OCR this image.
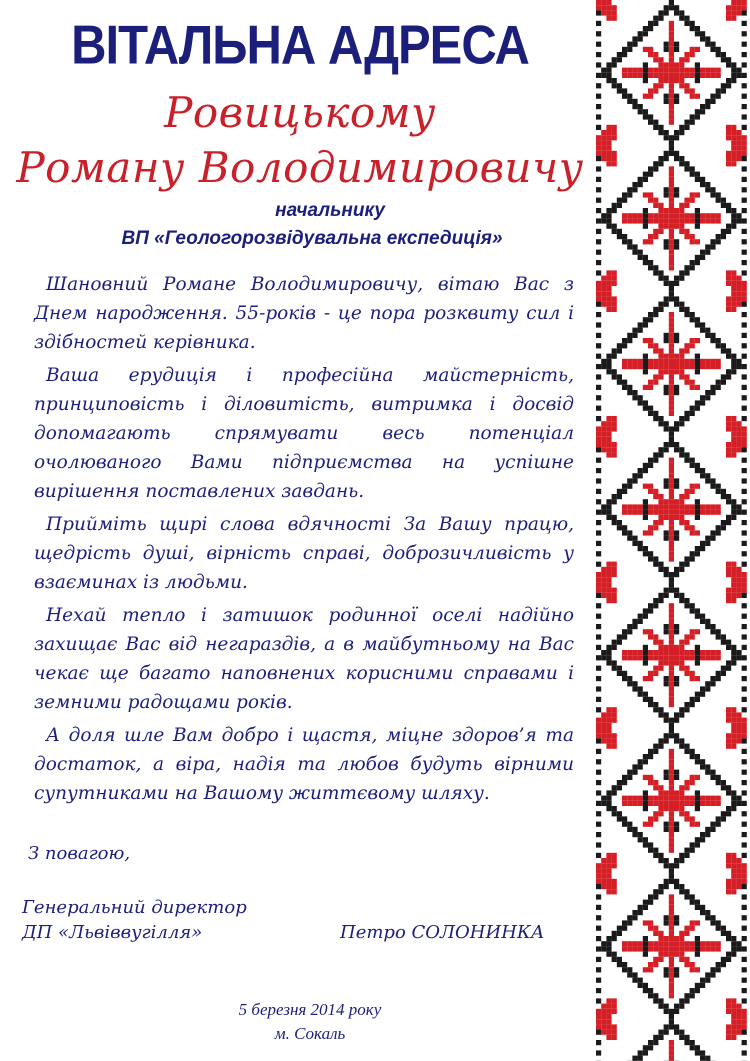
ВІТАЛЬНА АДРЕСА
Ровицькому
Роману Володимировичу
начальнику
ВП «Геологорозвідувальна експедиція»

Шановний Романе Володимировичу, вітаю Вас з Днем народження. 55-років - це пора розквиту сил і здібностей керівника.

Ваша ерудиція і професійна майстерність, принциповість і діловитість, витримка і досвід допомагають спрямувати весь потенціал очолюваного Вами підприємства на успішне вирішення поставлених завдань.

Прийміть щирі слова вдячності За Вашу працю, щедрість душі, вірність справі, доброзичливість у взаєминах із людьми.

Нехай тепло і затишок родинної оселі надійно захищає Вас від негараздів, а в майбутньому на Вас чекає ще багато наповнених корисними справами і земними радощами років.

А доля шле Вам добро і щастя, міцне здоров’я та достаток, а віра, надія та любов будуть вірними супутниками на Вашому життєвому шляху.

З повагою,
Генеральний директор
ДП «Львіввугілля»	Петро СОЛОНИНКА
5 березня 2014 року
м. Сокаль
